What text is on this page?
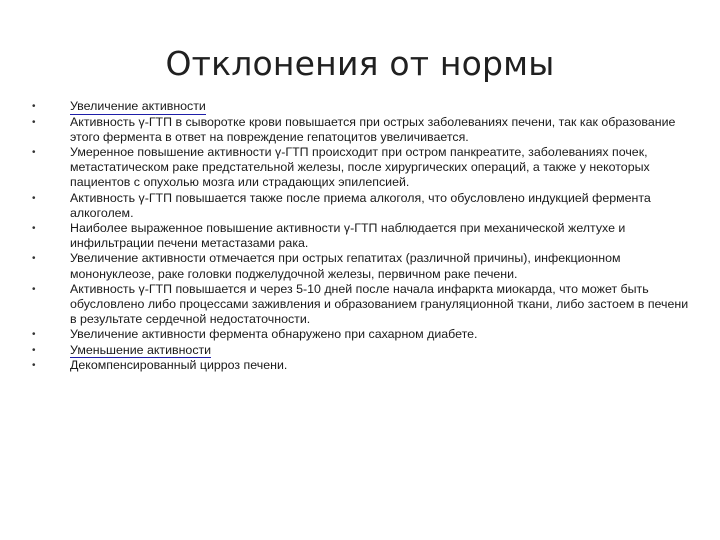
Отклонения от нормы
•	Увеличение активности
•	Активность γ-ГТП в сыворотке крови повышается при острых заболеваниях печени, так как образование этого фермента в ответ на повреждение гепатоцитов увеличивается.
•	Умеренное повышение активности γ-ГТП происходит при остром панкреатите, заболеваниях почек, метастатическом раке предстательной железы, после хирургических операций, а также у некоторых пациентов с опухолью мозга или страдающих эпилепсией.
•	Активность γ-ГТП повышается также после приема алкоголя, что обусловлено индукцией фермента алкоголем.
•	Наиболее выраженное повышение активности γ-ГТП наблюдается при механической желтухе и инфильтрации печени метастазами рака.
•	Увеличение активности отмечается при острых гепатитах (различной причины), инфекционном мононуклеозе, раке головки поджелудочной железы, первичном раке печени.
•	Активность γ-ГТП повышается и через 5-10 дней после начала инфаркта миокарда, что может быть обусловлено либо процессами заживления и образованием грануляционной ткани, либо застоем в печени в результате сердечной недостаточности.
•	Увеличение активности фермента обнаружено при сахарном диабете.
•	Уменьшение активности
•	Декомпенсированный цирроз печени.
